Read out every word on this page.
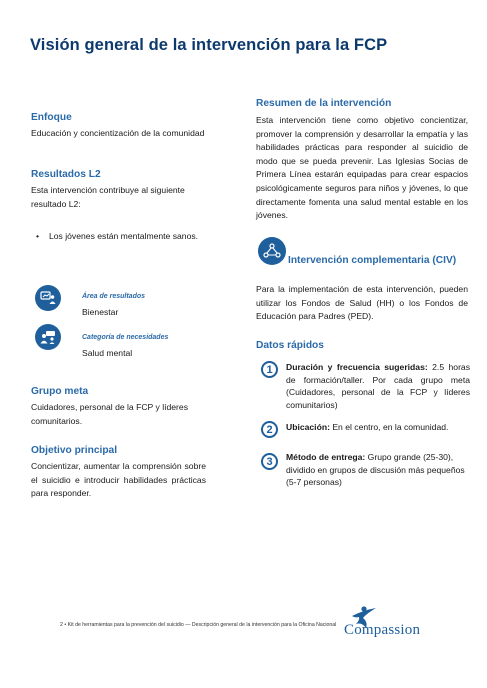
Visión general de la intervención para la FCP

Enfoque

Educación y concientización de la comunidad

Resultados L2

Esta intervención contribuye al siguiente resultado L2:

• Los jóvenes están mentalmente sanos.
Área de resultados
Bienestar
Categoría de necesidades
Salud mental

Grupo meta

Cuidadores, personal de la FCP y líderes comunitarios.

Objetivo principal

Concientizar, aumentar la comprensión sobre el suicidio e introducir habilidades prácticas para responder.

Resumen de la intervención

Esta intervención tiene como objetivo concientizar, promover la comprensión y desarrollar la empatía y las habilidades prácticas para responder al suicidio de modo que se pueda prevenir. Las Iglesias Socias de Primera Línea estarán equipadas para crear espacios psicológicamente seguros para niños y jóvenes, lo que directamente fomenta una salud mental estable en los jóvenes.

Intervención complementaria (CIV)

Para la implementación de esta intervención, pueden utilizar los Fondos de Salud (HH) o los Fondos de Educación para Padres (PED).

Datos rápidos

1	Duración y frecuencia sugeridas: 2.5 horas de formación/taller. Por cada grupo meta (Cuidadores, personal de la FCP y líderes comunitarios)
2	Ubicación: En el centro, en la comunidad.
3	Método de entrega: Grupo grande (25-30), dividido en grupos de discusión más pequeños (5-7 personas)
2 • Kit de herramientas para la prevención del suicidio — Descripción general de la intervención para la Oficina Nacional Compassion
